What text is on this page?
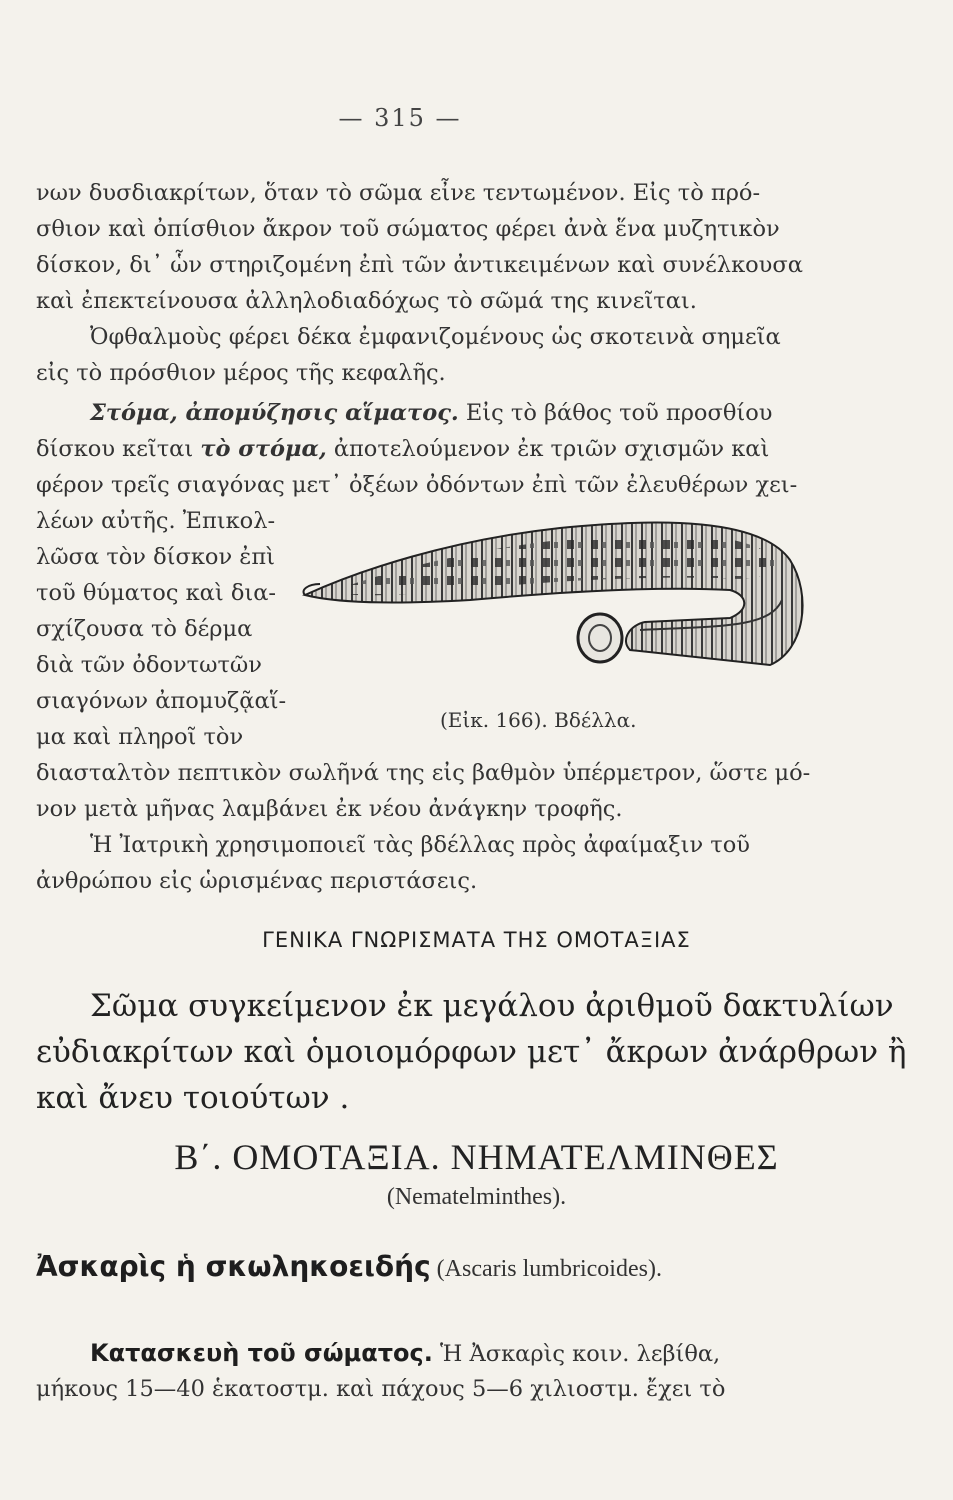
— 315 —
νων δυσδιακρίτων, ὅταν τὸ σῶμα εἶνε τεντωμένον. Εἰς τὸ πρό-
σθιον καὶ ὀπίσθιον ἄκρον τοῦ σώματος φέρει ἀνὰ ἕνα μυζητικὸν
δίσκον, δι᾽ ὧν στηριζομένη ἐπὶ τῶν ἀντικειμένων καὶ συνέλκουσα
καὶ ἐπεκτείνουσα ἀλληλοδιαδόχως τὸ σῶμά της κινεῖται.
Ὀφθαλμοὺς φέρει δέκα ἐμφανιζομένους ὡς σκοτεινὰ σημεῖα
εἰς τὸ πρόσθιον μέρος τῆς κεφαλῆς.
Στόμα, ἀπομύζησις αἵματος. Εἰς τὸ βάθος τοῦ προσθίου
δίσκου κεῖται τὸ στόμα, ἀποτελούμενον ἐκ τριῶν σχισμῶν καὶ
φέρον τρεῖς σιαγόνας μετ᾽ ὀξέων ὀδόντων ἐπὶ τῶν ἐλευθέρων χει-
λέων αὐτῆς. Ἐπικολ-
λῶσα τὸν δίσκον ἐπὶ
τοῦ θύματος καὶ δια-
σχίζουσα τὸ δέρμα
διὰ τῶν ὀδοντωτῶν
σιαγόνων ἀπομυζᾷαἵ-
μα καὶ πληροῖ τὸν
(Εἰκ. 166). Βδέλλα.
διασταλτὸν πεπτικὸν σωλῆνά της εἰς βαθμὸν ὑπέρμετρον, ὥστε μό-
νον μετὰ μῆνας λαμβάνει ἐκ νέου ἀνάγκην τροφῆς.
Ἡ Ἰατρικὴ χρησιμοποιεῖ τὰς βδέλλας πρὸς ἀφαίμαξιν τοῦ
ἀνθρώπου εἰς ὡρισμένας περιστάσεις.
ΓΕΝΙΚΑ ΓΝΩΡΙΣΜΑΤΑ ΤΗΣ ΟΜΟΤΑΞΙΑΣ
Σῶμα συγκείμενον ἐκ μεγάλου ἀριθμοῦ δακτυλίων
εὐδιακρίτων καὶ ὁμοιομόρφων μετ᾽ ἄκρων ἀνάρθρων ἢ
καὶ ἄνευ τοιούτων .
Β΄. ΟΜΟΤΑΞΙΑ. ΝΗΜΑΤΕΛΜΙΝΘΕΣ
(Nematelminthes).
Ἀσκαρὶς ἡ σκωληκοειδής (Ascaris lumbricoides).
Κατασκευὴ τοῦ σώματος. Ἡ Ἀσκαρὶς κοιν. λεβίθα,
μήκους 15—40 ἑκατοστμ. καὶ πάχους 5—6 χιλιοστμ. ἔχει τὸ
